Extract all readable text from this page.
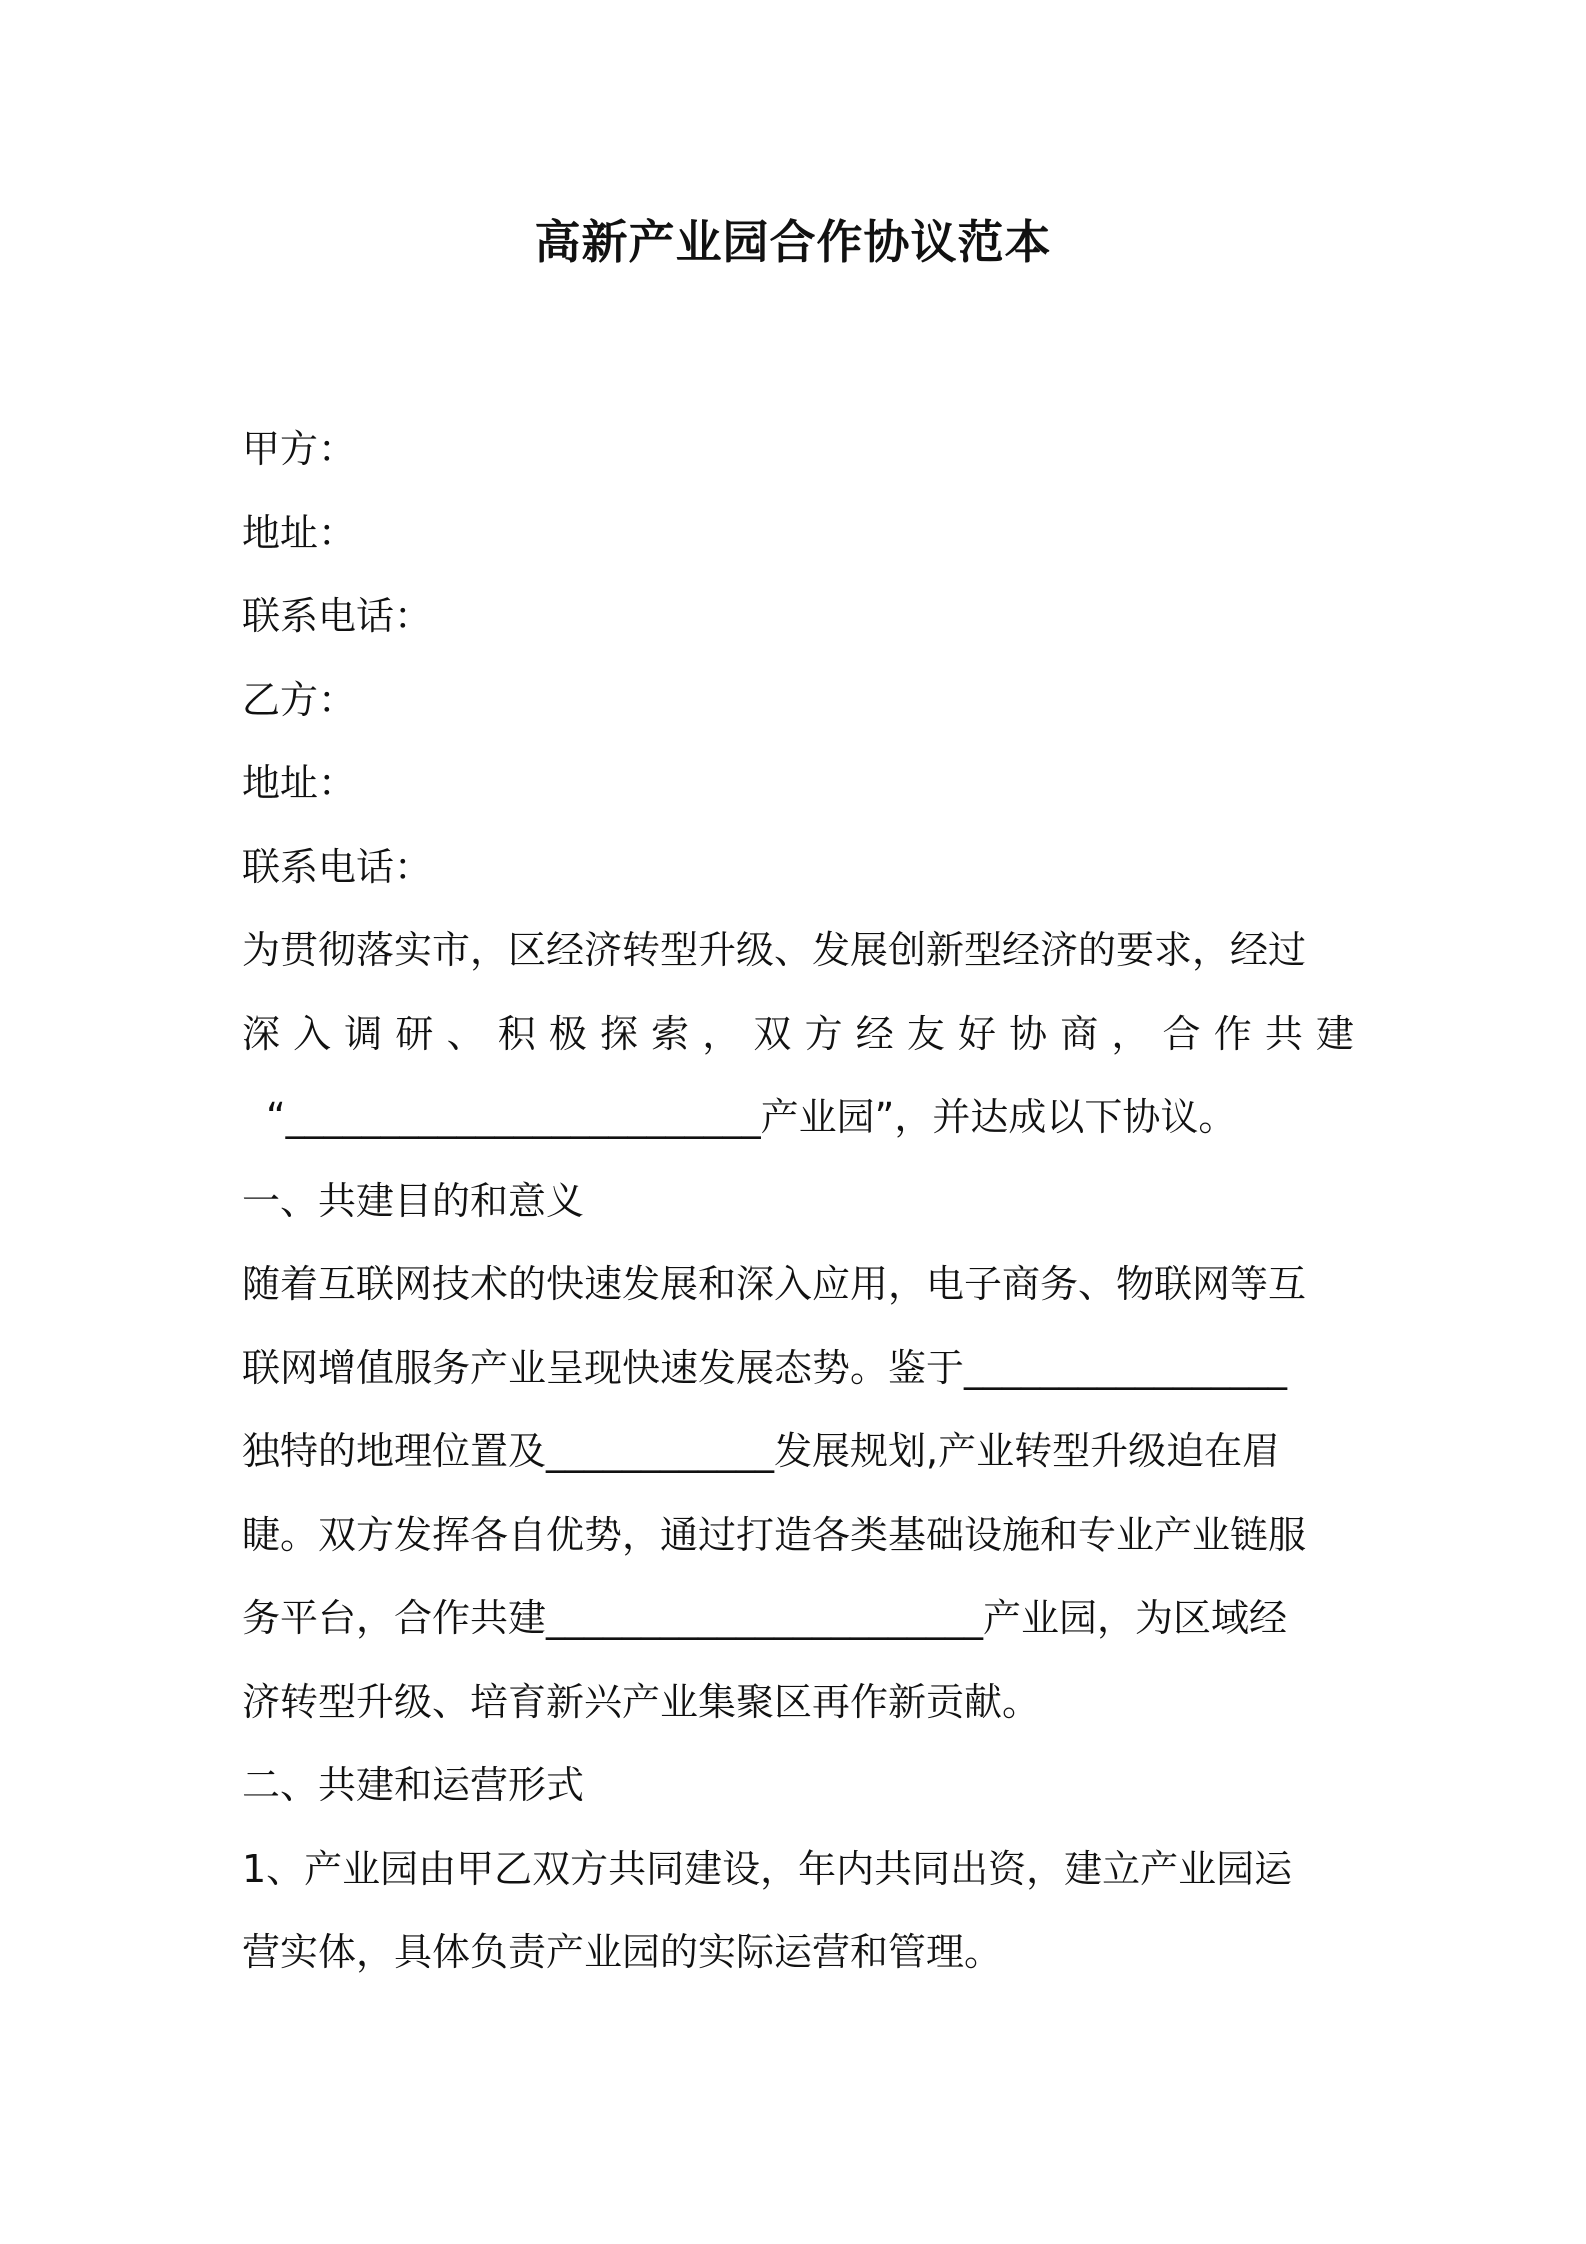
高新产业园合作协议范本

甲方：

地址：

联系电话：

乙方：

地址：

联系电话：

为贯彻落实市，区经济转型升级、发展创新型经济的要求，经过

深入调研、积极探索，双方经友好协商，合作共建

“_________________________产业园”，并达成以下协议。

一、共建目的和意义

随着互联网技术的快速发展和深入应用，电子商务、物联网等互

联网增值服务产业呈现快速发展态势。鉴于_________________

独特的地理位置及____________发展规划,产业转型升级迫在眉

睫。双方发挥各自优势，通过打造各类基础设施和专业产业链服

务平台，合作共建_______________________产业园，为区域经

济转型升级、培育新兴产业集聚区再作新贡献。

二、共建和运营形式

1、产业园由甲乙双方共同建设，年内共同出资，建立产业园运

营实体，具体负责产业园的实际运营和管理。
